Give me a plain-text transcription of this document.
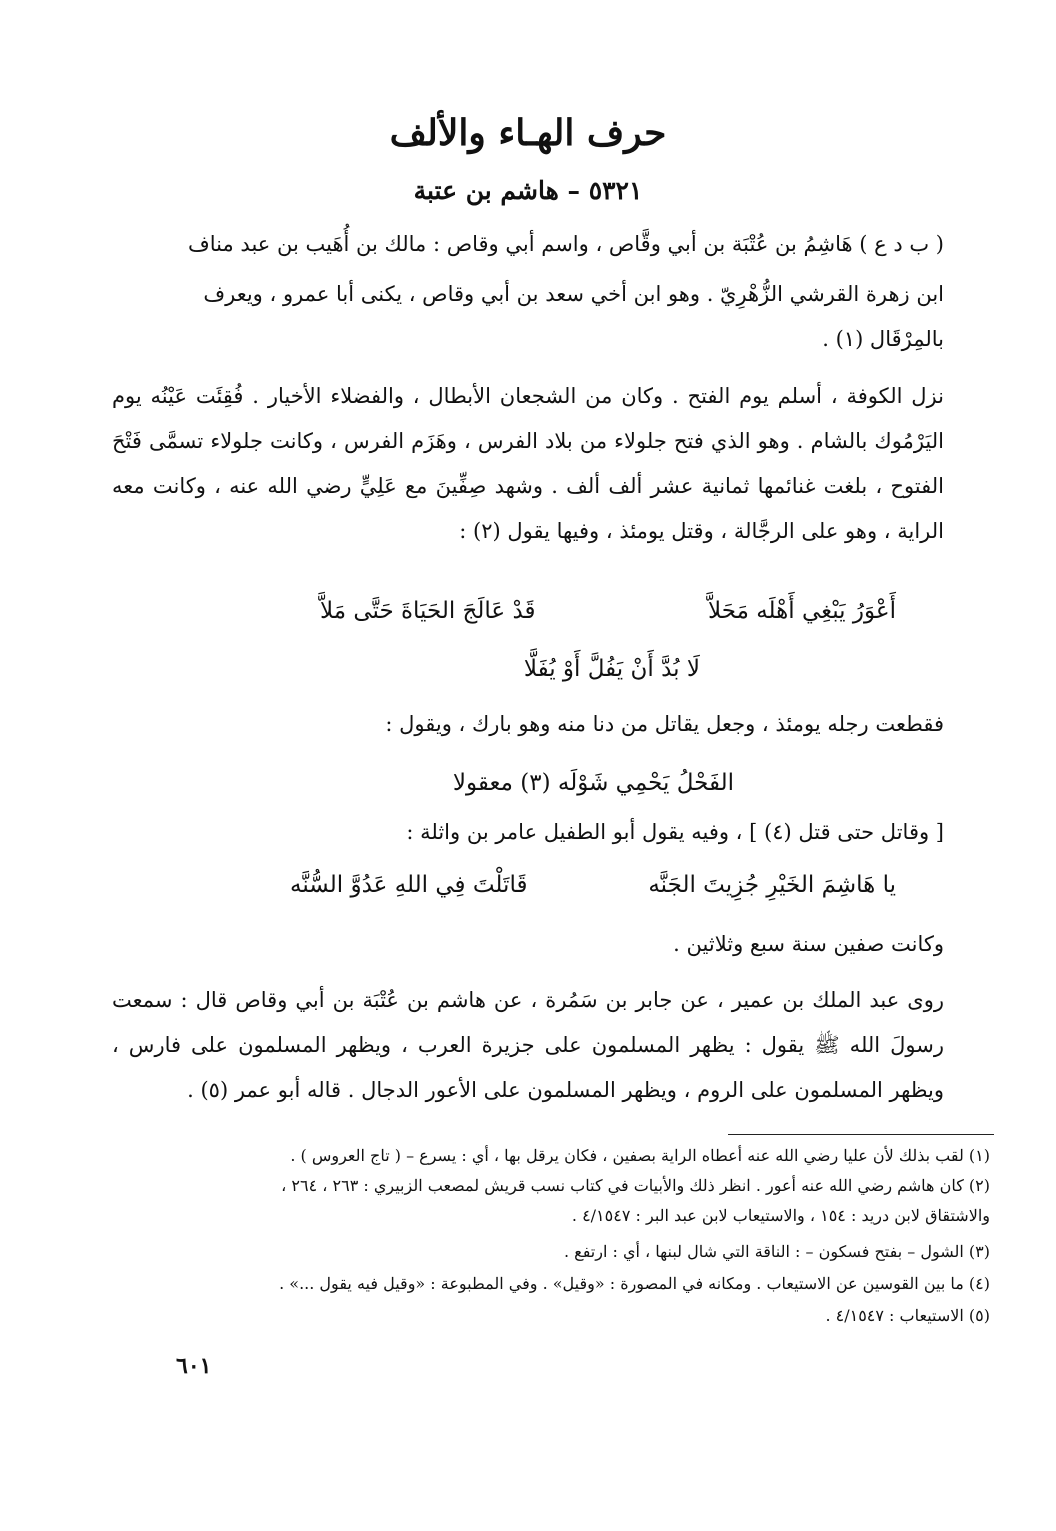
حرف الهـاء والألف
٥٣٢١ – هاشم بن عتبة
( ب د ع ) هَاشِمُ بن عُتْبَة بن أبي وقَّاص ، واسم أبي وقاص : مالك بن أُهَيب بن عبد مناف
ابن زهرة القرشي الزُّهْرِيّ . وهو ابن أخي سعد بن أبي وقاص ، يكنى أبا عمرو ، ويعرف
بالمِرْقَال (١) .
نزل الكوفة ، أسلم يوم الفتح . وكان من الشجعان الأبطال ، والفضلاء الأخيار . فُقِئَت عَيْنُه يوم اليَرْمُوك بالشام . وهو الذي فتح جلولاء من بلاد الفرس ، وهَزَم الفرس ، وكانت جلولاء تسمَّى فَتْحَ الفتوح ، بلغت غنائمها ثمانية عشر ألف ألف . وشهد صِفِّينَ مع عَلِيٍّ رضي الله عنه ، وكانت معه الراية ، وهو على الرجَّالة ، وقتل يومئذ ، وفيها يقول (٢) :
أَعْوَرُ يَبْغِي أَهْلَه مَحَلاَّ
قَدْ عَالَجَ الحَيَاةَ حَتَّى مَلاَّ
لَا بُدَّ أَنْ يَفُلَّ أَوْ يُفَلَّا
فقطعت رجله يومئذ ، وجعل يقاتل من دنا منه وهو بارك ، ويقول :
الفَحْلُ يَحْمِي شَوْلَه (٣) معقولا
[ وقاتل حتى قتل (٤) ] ، وفيه يقول أبو الطفيل عامر بن واثلة :
يا هَاشِمَ الخَيْرِ جُزِيتَ الجَنَّه
قَاتَلْتَ فِي اللهِ عَدُوَّ السُّنَّه
وكانت صفين سنة سبع وثلاثين .
روى عبد الملك بن عمير ، عن جابر بن سَمُرة ، عن هاشم بن عُتْبَة بن أبي وقاص قال : سمعت رسولَ الله ﷺ يقول : يظهر المسلمون على جزيرة العرب ، ويظهر المسلمون على فارس ، ويظهر المسلمون على الروم ، ويظهر المسلمون على الأعور الدجال . قاله أبو عمر (٥) .
(١) لقب بذلك لأن عليا رضي الله عنه أعطاه الراية بصفين ، فكان يرقل بها ، أي : يسرع – ( تاج العروس ) .
(٢) كان هاشم رضي الله عنه أعور . انظر ذلك والأبيات في كتاب نسب قريش لمصعب الزبيري : ٢٦٣ ، ٢٦٤ ،
والاشتقاق لابن دريد : ١٥٤ ، والاستيعاب لابن عبد البر : ٤/١٥٤٧ .
(٣) الشول – بفتح فسكون – : الناقة التي شال لبنها ، أي : ارتفع .
(٤) ما بين القوسين عن الاستيعاب . ومكانه في المصورة : «وقيل» . وفي المطبوعة : «وقيل فيه يقول ...» .
(٥) الاستيعاب : ٤/١٥٤٧ .
٦٠١
